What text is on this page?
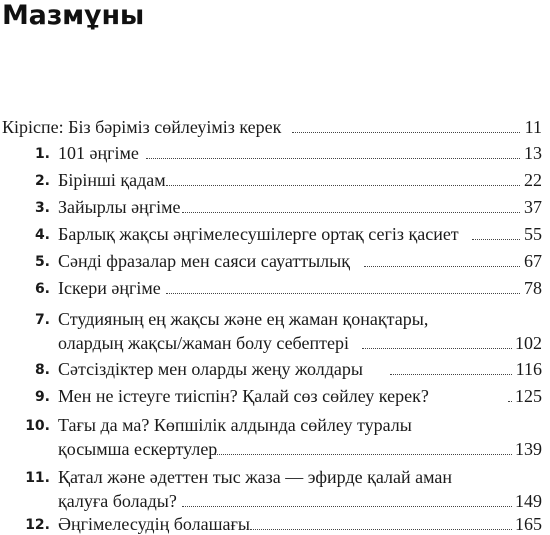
Мазмұны
Кіріспе: Біз бәріміз сөйлеуіміз керек	11
1. 101 әңгіме	13
2. Бірінші қадам	22
3. Зайырлы әңгіме	37
4. Барлық жақсы әңгімелесушілерге ортақ сегіз қасиет	55
5. Сәнді фразалар мен саяси сауаттылық	67
6. Іскери әңгіме	78
7. Студияның ең жақсы және ең жаман қонақтары,
олардың жақсы/жаман болу себептері	102
8. Сәтсіздіктер мен оларды жеңу жолдары	116
9. Мен не істеуге тиіспін? Қалай сөз сөйлеу керек?	125
10. Тағы да ма? Көпшілік алдында сөйлеу туралы
қосымша ескертулер	139
11. Қатал және әдеттен тыс жаза — эфирде қалай аман
қалуға болады?	149
12. Әңгімелесудің болашағы	165
